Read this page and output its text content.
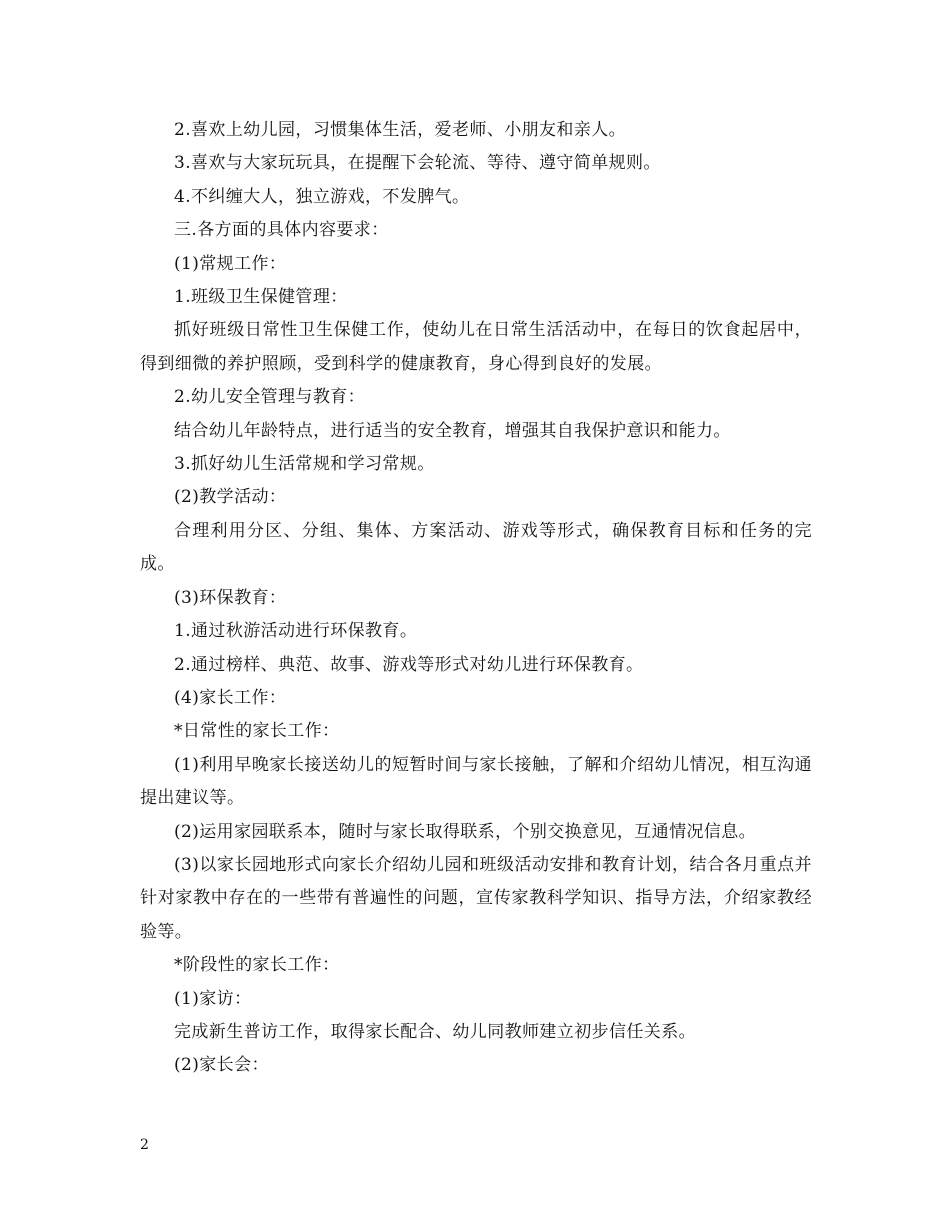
2.喜欢上幼儿园，习惯集体生活，爱老师、小朋友和亲人。

3.喜欢与大家玩玩具，在提醒下会轮流、等待、遵守简单规则。

4.不纠缠大人，独立游戏，不发脾气。

三.各方面的具体内容要求：

(1)常规工作：

1.班级卫生保健管理：

抓好班级日常性卫生保健工作，使幼儿在日常生活活动中，在每日的饮食起居中，得到细微的养护照顾，受到科学的健康教育，身心得到良好的发展。

2.幼儿安全管理与教育：

结合幼儿年龄特点，进行适当的安全教育，增强其自我保护意识和能力。

3.抓好幼儿生活常规和学习常规。

(2)教学活动：

合理利用分区、分组、集体、方案活动、游戏等形式，确保教育目标和任务的完成。

(3)环保教育：

1.通过秋游活动进行环保教育。

2.通过榜样、典范、故事、游戏等形式对幼儿进行环保教育。

(4)家长工作：

*日常性的家长工作：

(1)利用早晚家长接送幼儿的短暂时间与家长接触，了解和介绍幼儿情况，相互沟通提出建议等。

(2)运用家园联系本，随时与家长取得联系，个别交换意见，互通情况信息。

(3)以家长园地形式向家长介绍幼儿园和班级活动安排和教育计划，结合各月重点并针对家教中存在的一些带有普遍性的问题，宣传家教科学知识、指导方法，介绍家教经验等。

*阶段性的家长工作：

(1)家访：

完成新生普访工作，取得家长配合、幼儿同教师建立初步信任关系。

(2)家长会：

2
